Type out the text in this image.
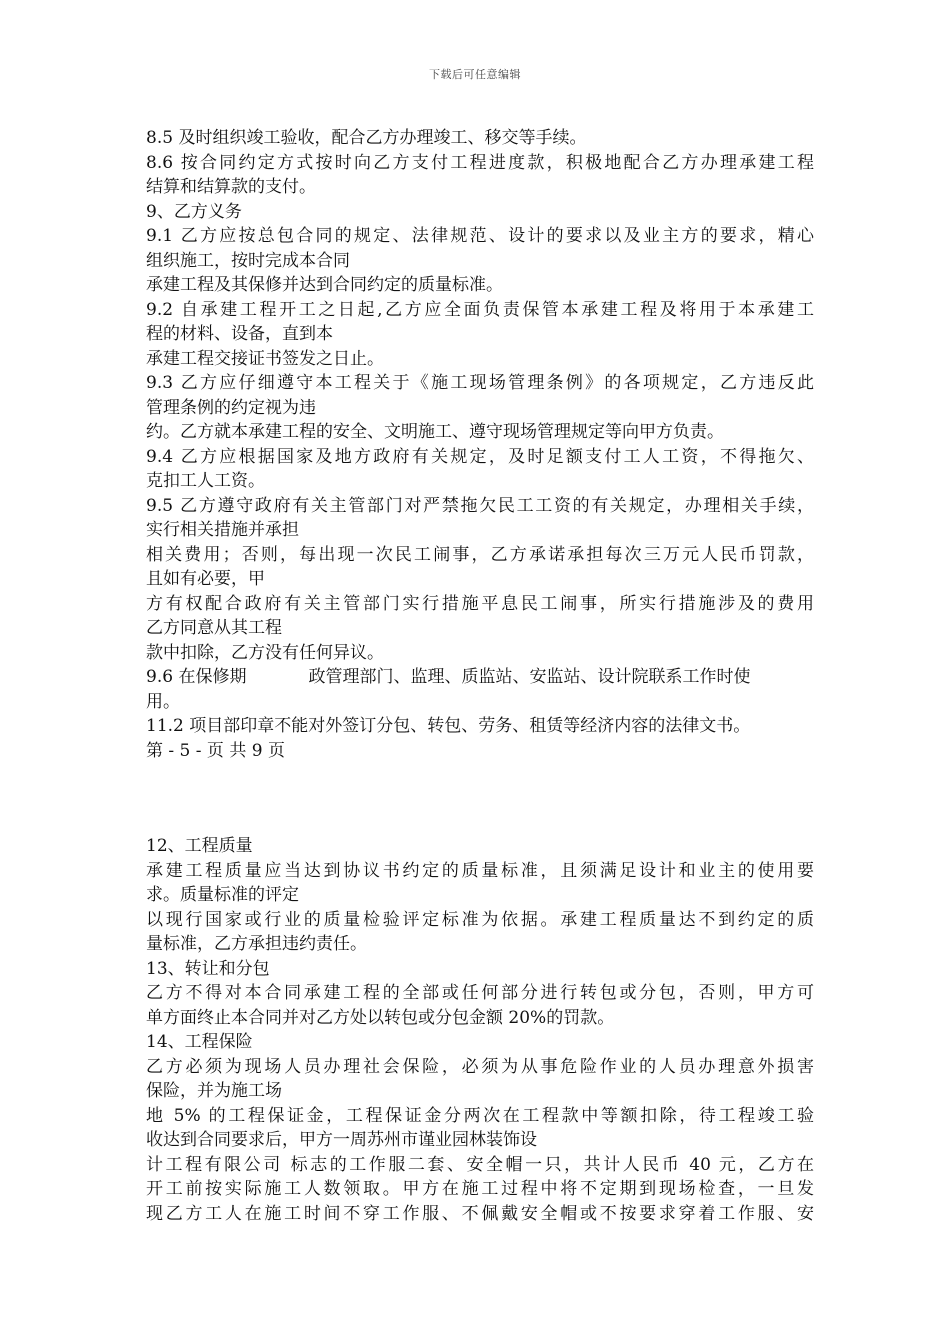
下载后可任意编辑
8.5 及时组织竣工验收，配合乙方办理竣工、移交等手续。
8.6 按合同约定方式按时向乙方支付工程进度款，积极地配合乙方办理承建工程
结算和结算款的支付。
9、乙方义务
9.1 乙方应按总包合同的规定、法律规范、设计的要求以及业主方的要求，精心
组织施工，按时完成本合同
承建工程及其保修并达到合同约定的质量标准。
9.2 自承建工程开工之日起,乙方应全面负责保管本承建工程及将用于本承建工
程的材料、设备，直到本
承建工程交接证书签发之日止。
9.3 乙方应仔细遵守本工程关于《施工现场管理条例》的各项规定，乙方违反此
管理条例的约定视为违
约。乙方就本承建工程的安全、文明施工、遵守现场管理规定等向甲方负责。
9.4 乙方应根据国家及地方政府有关规定，及时足额支付工人工资，不得拖欠、
克扣工人工资。
9.5 乙方遵守政府有关主管部门对严禁拖欠民工工资的有关规定，办理相关手续，
实行相关措施并承担
相关费用；否则，每出现一次民工闹事，乙方承诺承担每次三万元人民币罚款，
且如有必要，甲
方有权配合政府有关主管部门实行措施平息民工闹事，所实行措施涉及的费用
乙方同意从其工程
款中扣除，乙方没有任何异议。
9.6 在保修期	政管理部门、监理、质监站、安监站、设计院联系工作时使
用。
11.2 项目部印章不能对外签订分包、转包、劳务、租赁等经济内容的法律文书。
第 - 5 - 页 共 9 页
12、工程质量
承建工程质量应当达到协议书约定的质量标准，且须满足设计和业主的使用要
求。质量标准的评定
以现行国家或行业的质量检验评定标准为依据。承建工程质量达不到约定的质
量标准，乙方承担违约责任。
13、转让和分包
乙方不得对本合同承建工程的全部或任何部分进行转包或分包，否则，甲方可
单方面终止本合同并对乙方处以转包或分包金额 20%的罚款。
14、工程保险
乙方必须为现场人员办理社会保险，必须为从事危险作业的人员办理意外损害
保险，并为施工场
地 5% 的工程保证金，工程保证金分两次在工程款中等额扣除，待工程竣工验
收达到合同要求后，甲方一周苏州市谨业园林装饰设
计工程有限公司 标志的工作服二套、安全帽一只，共计人民币 40 元，乙方在
开工前按实际施工人数领取。甲方在施工过程中将不定期到现场检查，一旦发
现乙方工人在施工时间不穿工作服、不佩戴安全帽或不按要求穿着工作服、安
